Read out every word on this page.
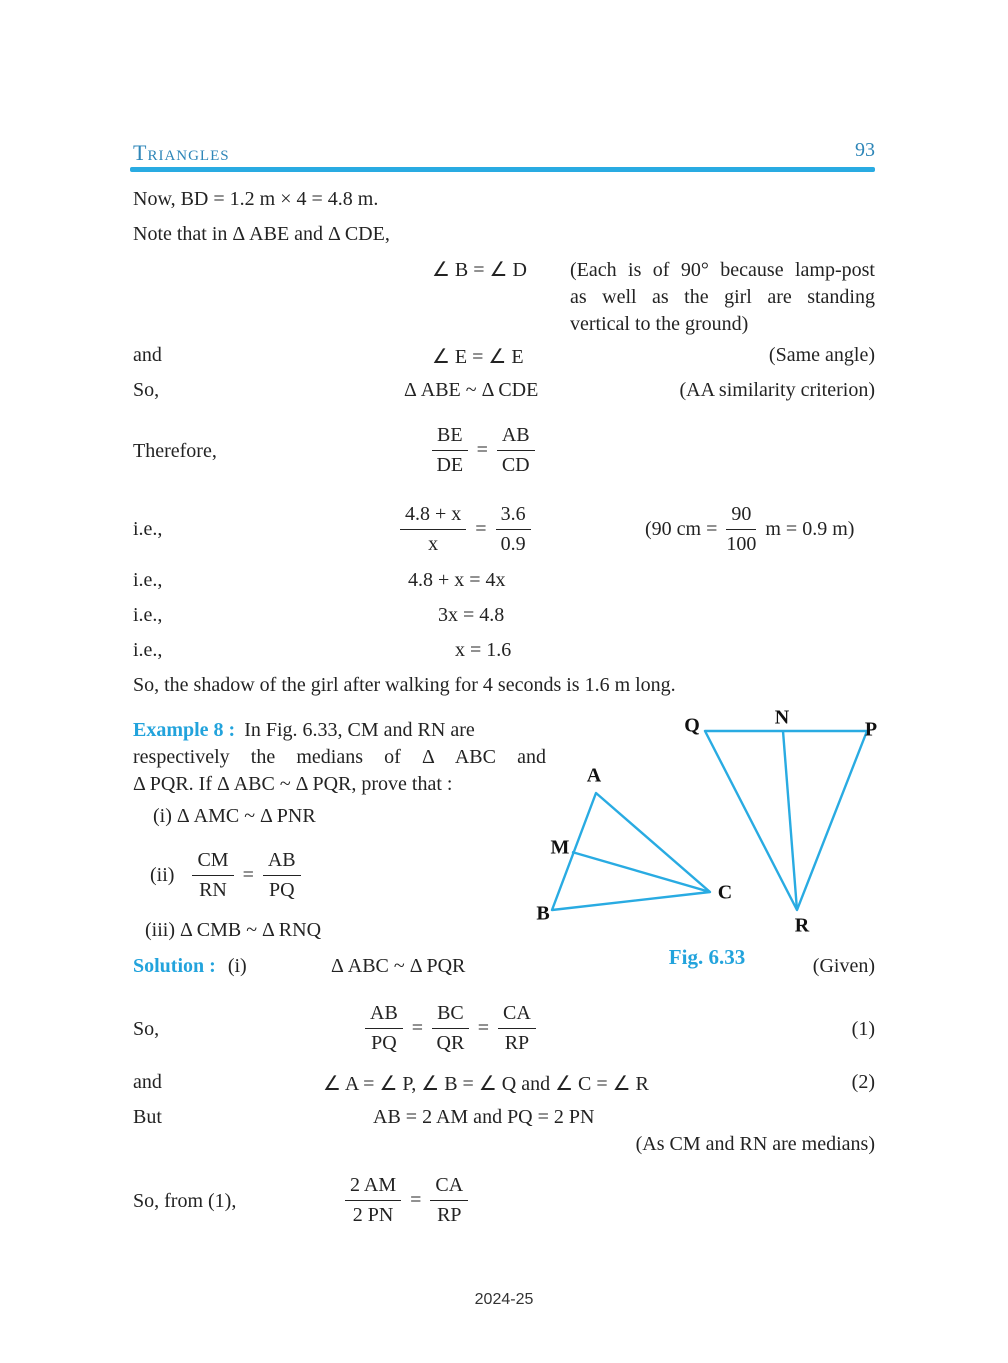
Triangles	93
Now, BD = 1.2 m × 4 = 4.8 m.
Note that in Δ ABE and Δ CDE,
∠ B = ∠ D (Each is of 90° because lamp-post
as well as the girl are standing
vertical to the ground)
and	∠ E = ∠ E	(Same angle)
So,	Δ ABE ~ Δ CDE	(AA similarity criterion)
Therefore,	$\frac{BE}{DE} = \frac{AB}{CD}$
i.e.,	$\frac{4.8 + x}{x} = \frac{3.6}{0.9}$	(90 cm = $\frac{90}{100}$ m = 0.9 m)
i.e.,	4.8 + x = 4x
i.e.,	3x = 4.8
i.e.,	x = 1.6
So, the shadow of the girl after walking for 4 seconds is 1.6 m long.
Example 8 : In Fig. 6.33, CM and RN are
respectively the medians of Δ ABC and
Δ PQR. If Δ ABC ~ Δ PQR, prove that :
(i) Δ AMC ~ Δ PNR
$(ii) \frac{CM}{RN} = \frac{AB}{PQ}$
(iii) Δ CMB ~ Δ RNQ
A
M
B
C
Q	N
P
R
Fig. 6.33
Solution : (i)	Δ ABC ~ Δ PQR	(Given)
So,	$\frac{AB}{PQ} = \frac{BC}{QR} = \frac{CA}{RP}$	(1)
and	∠ A = ∠ P, ∠ B = ∠ Q and ∠ C = ∠ R	(2)
But	AB = 2 AM and PQ = 2 PN
(As CM and RN are medians)
So, from (1),	$\frac{2 AM}{2 PN} = \frac{CA}{RP}$
2024-25
